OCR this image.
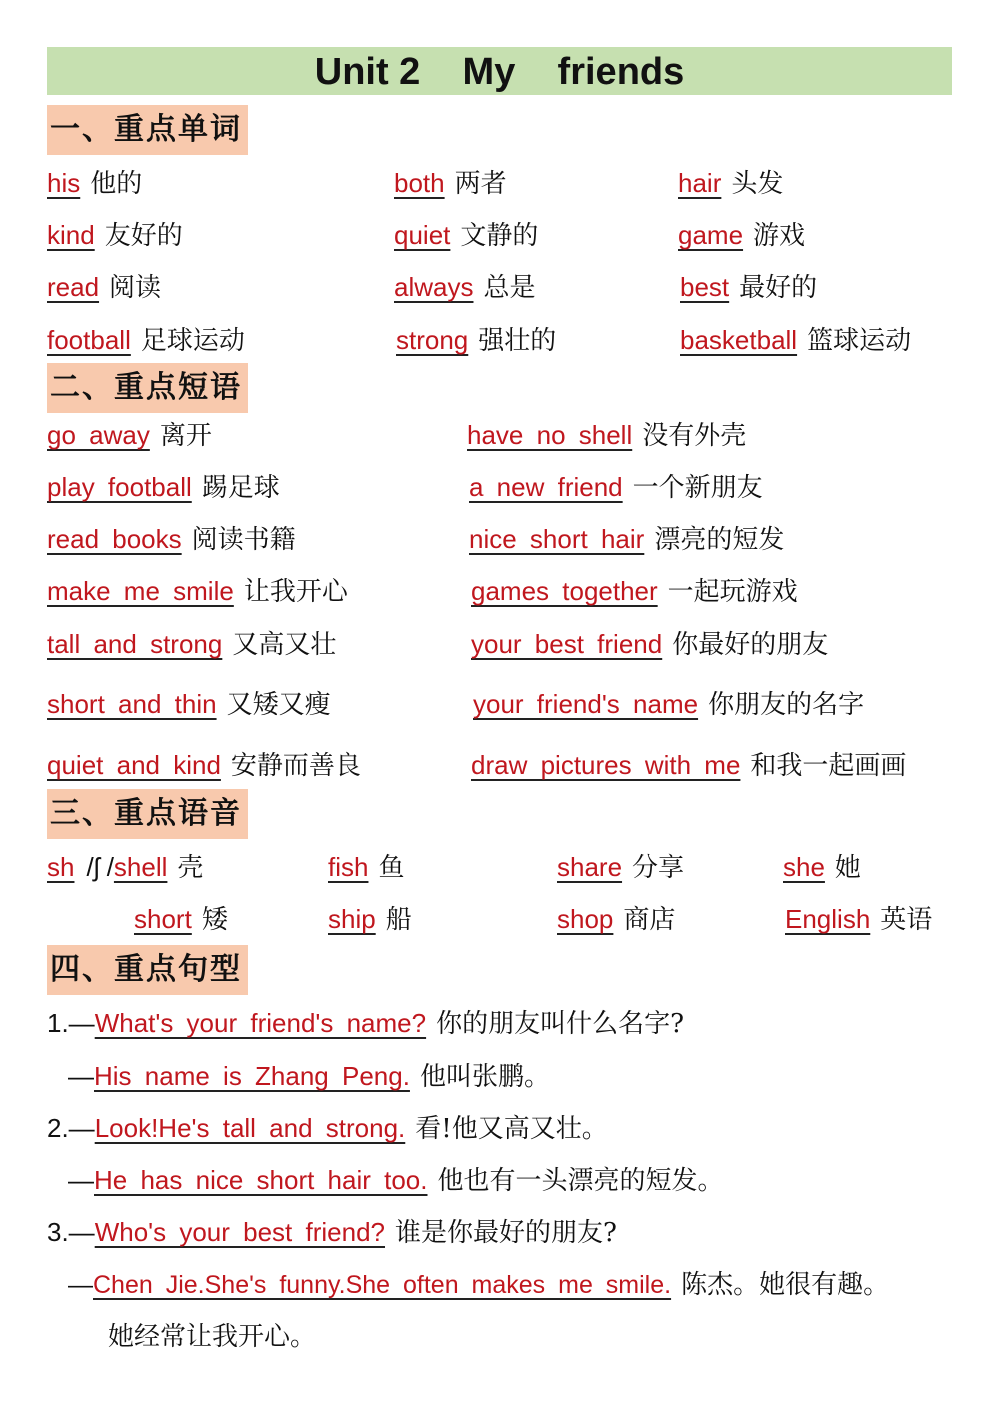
Unit 2    My    friends
一、重点单词
his 他的	both 两者	hair 头发
kind 友好的	quiet 文静的	game 游戏
read 阅读	always 总是	best 最好的
football 足球运动	strong 强壮的	basketball 篮球运动
二、重点短语
go away 离开	have no shell 没有外壳
play football 踢足球	a new friend 一个新朋友
read books 阅读书籍	nice short hair 漂亮的短发
make me smile 让我开心	games together 一起玩游戏
tall and strong 又高又壮	your best friend 你最好的朋友
short and thin 又矮又瘦	your friend's name 你朋友的名字
quiet and kind 安静而善良	draw pictures with me 和我一起画画
三、重点语音
sh /ʃ /shell 壳	fish 鱼	share 分享	she 她
short 矮	ship 船	shop 商店	English 英语
四、重点句型
1.—What's your friend's name? 你的朋友叫什么名字?
—His name is Zhang Peng. 他叫张鹏。
2.—Look!He's tall and strong. 看!他又高又壮。
—He has nice short hair too. 他也有一头漂亮的短发。
3.—Who's your best friend? 谁是你最好的朋友?
—Chen Jie.She's funny.She often makes me smile. 陈杰。她很有趣。
她经常让我开心。
